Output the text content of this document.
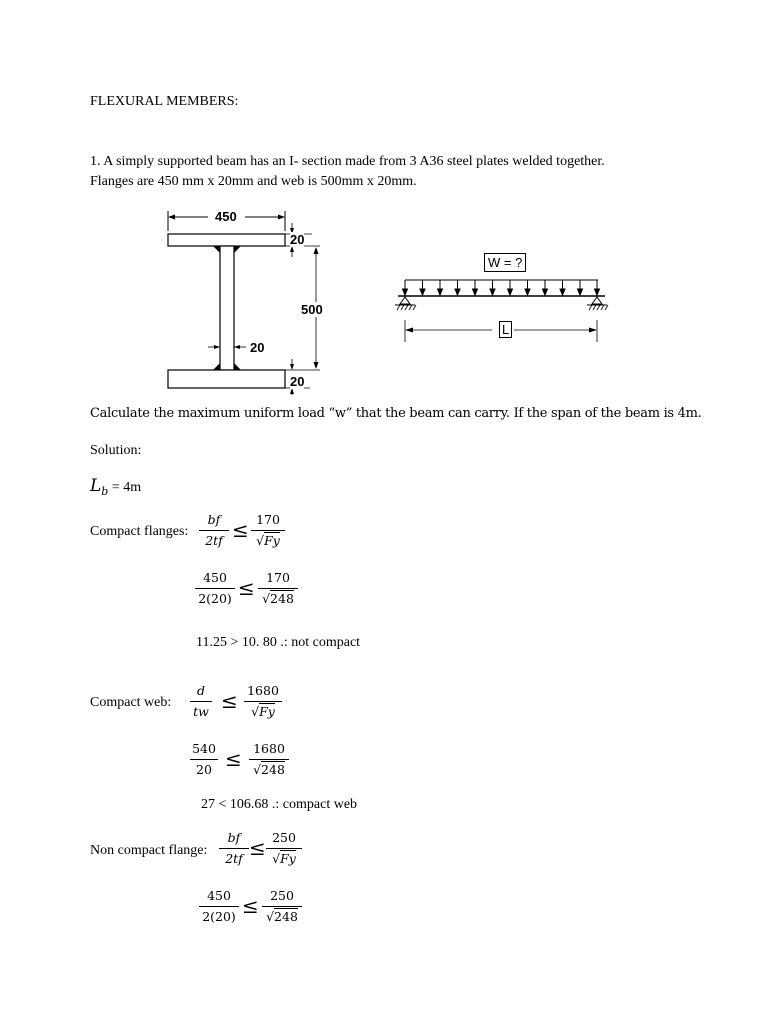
FLEXURAL MEMBERS:
1. A simply supported beam has an I- section made from 3 A36 steel plates welded together.
Flanges are 450 mm x 20mm and web is 500mm x 20mm.
450
20
500
20
20
W = ?
L
Calculate the maximum uniform load “w” that the beam can carry. If the span of the beam is 4m.
Solution:
$L_b = 4m$
Compact flanges:
bf
2tf ≤ 170
√Fy
450
2(20) ≤ 170
√248
11.25 > 10. 80 .: not compact
Compact web:
d
tw ≤ 1680
√Fy
540
20 ≤ 1680
√248
27 < 106.68 .: compact web
Non compact flange:
bf
2tf ≤ 250
√Fy
450
2(20) ≤ 250
√248
